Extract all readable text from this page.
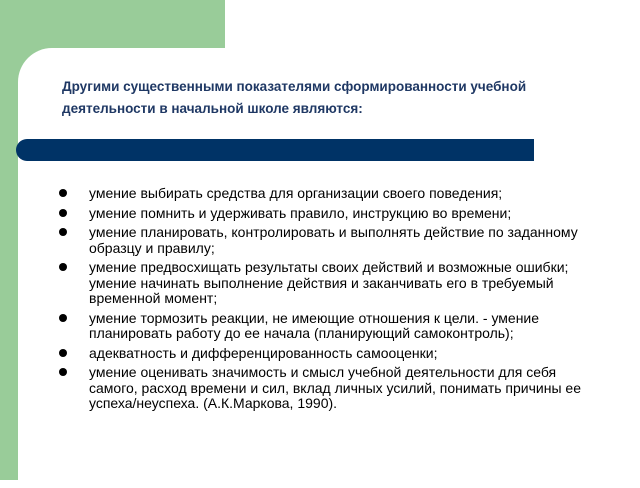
Другими существенными показателями сформированности учебной деятельности в начальной школе являются:
умение выбирать средства для организации своего поведения;
умение помнить и удерживать правило, инструкцию во времени;
умение планировать, контролировать и выполнять действие по заданному образцу и правилу;
умение предвосхищать результаты своих действий и возможные ошибки; умение начинать выполнение действия и заканчивать его в требуемый временной момент;
умение тормозить реакции, не имеющие отношения к цели. - умение планировать работу до ее начала (планирующий самоконтроль);
адекватность и дифференцированность самооценки;
умение оценивать значимость и смысл учебной деятельности для себя самого, расход времени и сил, вклад личных усилий, понимать причины ее успеха/неуспеха. (А.К.Маркова, 1990).
